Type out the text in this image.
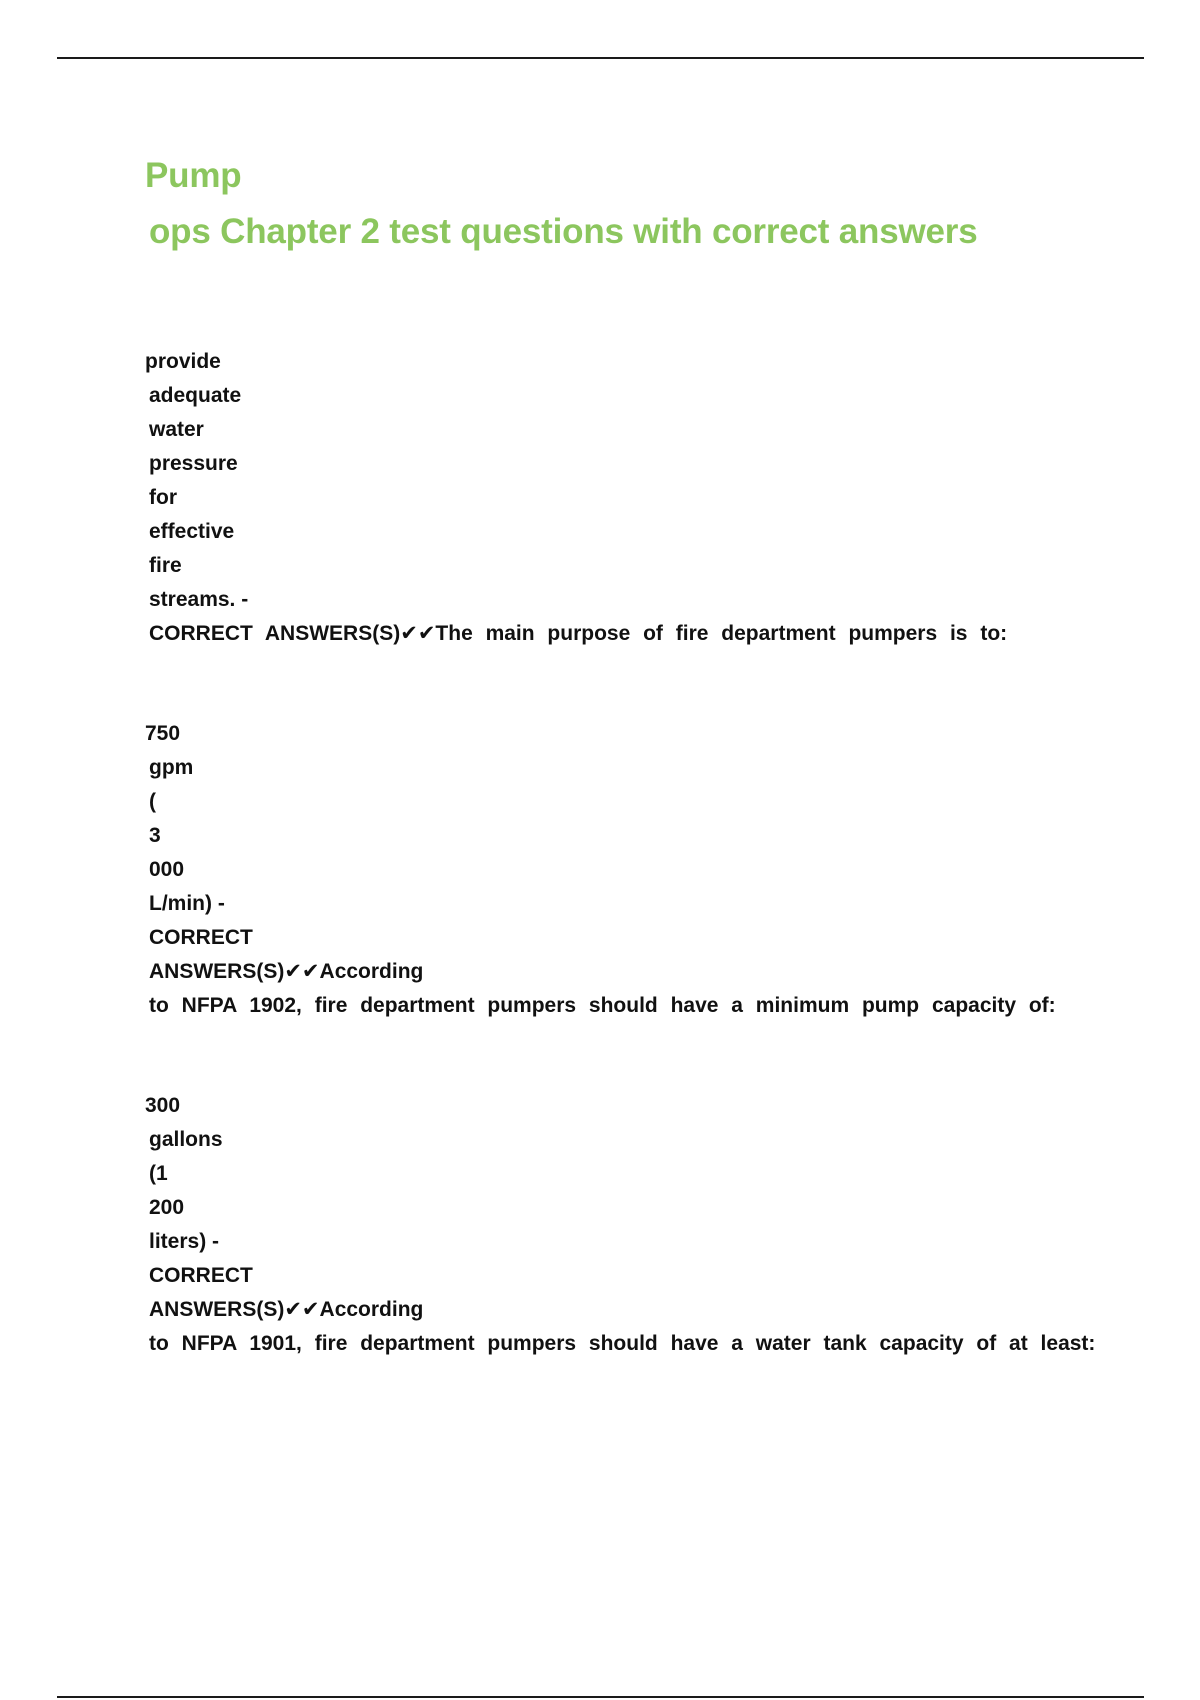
Pump
ops Chapter 2 test questions with correct answers
provide
adequate
water
pressure
for
effective
fire
streams. -
CORRECT ANSWERS(S)✔✔The main purpose of fire department pumpers is to:
750
gpm
(
3
000
L/min) -
CORRECT
ANSWERS(S)✔✔According
to NFPA 1902, fire department pumpers should have a minimum pump capacity of:
300
gallons
(1
200
liters) -
CORRECT
ANSWERS(S)✔✔According
to NFPA 1901, fire department pumpers should have a water tank capacity of at least:
